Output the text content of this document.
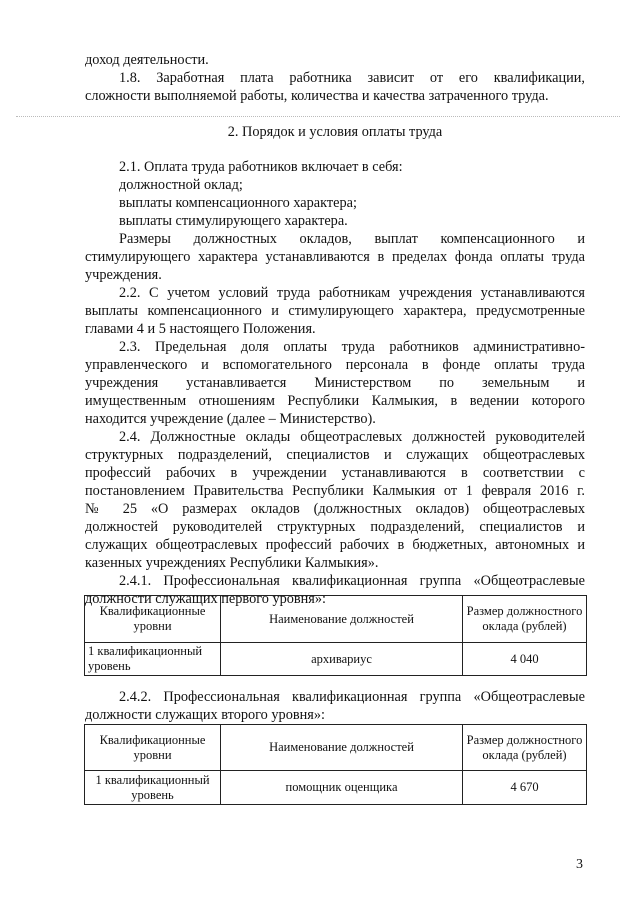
доход деятельности.

1.8. Заработная плата работника зависит от его квалификации,

сложности выполняемой работы, количества и качества затраченного труда.

2. Порядок и условия оплаты труда

2.1. Оплата труда работников включает в себя:

должностной оклад;

выплаты компенсационного характера;

выплаты стимулирующего характера.

Размеры должностных окладов, выплат компенсационного и

стимулирующего характера устанавливаются в пределах фонда оплаты труда

учреждения.

2.2. С учетом условий труда работникам учреждения устанавливаются

выплаты компенсационного и стимулирующего характера, предусмотренные

главами 4 и 5 настоящего Положения.

2.3. Предельная доля оплаты труда работников административно-

управленческого и вспомогательного персонала в фонде оплаты труда

учреждения устанавливается Министерством по земельным и

имущественным отношениям Республики Калмыкия, в ведении которого

находится учреждение (далее – Министерство).

2.4. Должностные оклады общеотраслевых должностей руководителей

структурных подразделений, специалистов и служащих общеотраслевых

профессий рабочих в учреждении устанавливаются в соответствии с

постановлением Правительства Республики Калмыкия от 1 февраля 2016 г.

№ 25 «О размерах окладов (должностных окладов) общеотраслевых

должностей руководителей структурных подразделений, специалистов и

служащих общеотраслевых профессий рабочих в бюджетных, автономных и

казенных учреждениях Республики Калмыкия».

2.4.1. Профессиональная квалификационная группа «Общеотраслевые

должности служащих первого уровня»:

Квалификационные уровни	Наименование должностей	Размер должностного оклада (рублей)
1 квалификационный уровень	архивариус	4 040

2.4.2. Профессиональная квалификационная группа «Общеотраслевые

должности служащих второго уровня»:

Квалификационные уровни	Наименование должностей	Размер должностного оклада (рублей)
1 квалификационный уровень	помощник оценщика	4 670
3
